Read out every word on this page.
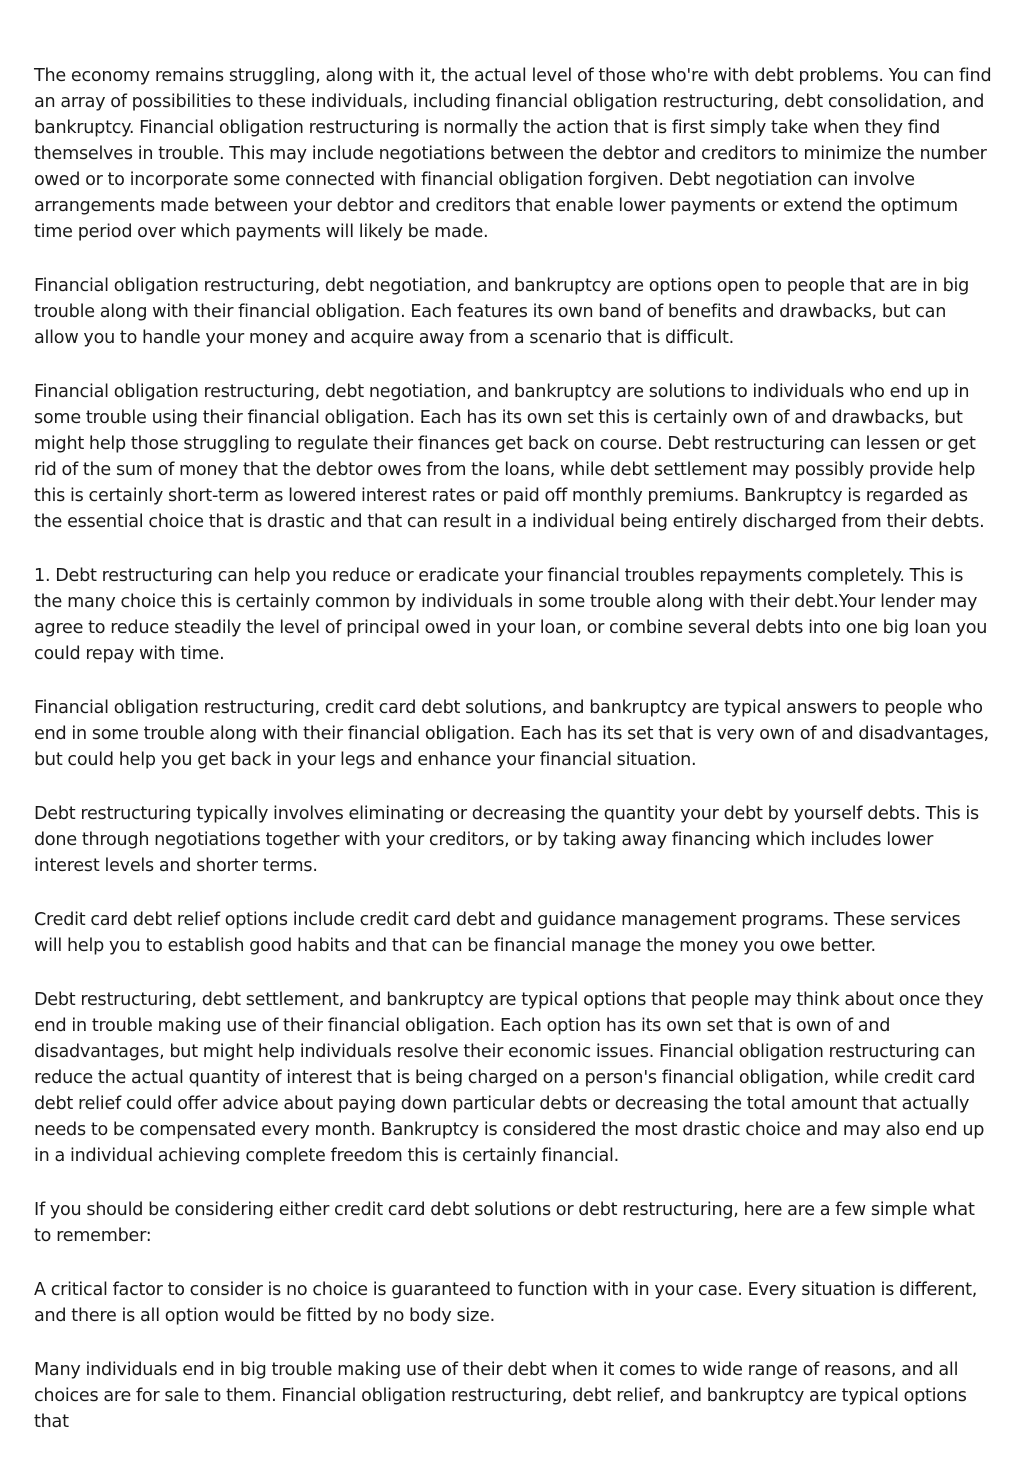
The economy remains struggling, along with it, the actual level of those who're with debt problems. You can find an array of possibilities to these individuals, including financial obligation restructuring, debt consolidation, and bankruptcy. Financial obligation restructuring is normally the action that is first simply take when they find themselves in trouble. This may include negotiations between the debtor and creditors to minimize the number owed or to incorporate some connected with financial obligation forgiven. Debt negotiation can involve arrangements made between your debtor and creditors that enable lower payments or extend the optimum time period over which payments will likely be made.

Financial obligation restructuring, debt negotiation, and bankruptcy are options open to people that are in big trouble along with their financial obligation. Each features its own band of benefits and drawbacks, but can allow you to handle your money and acquire away from a scenario that is difficult.

Financial obligation restructuring, debt negotiation, and bankruptcy are solutions to individuals who end up in some trouble using their financial obligation. Each has its own set this is certainly own of and drawbacks, but might help those struggling to regulate their finances get back on course. Debt restructuring can lessen or get rid of the sum of money that the debtor owes from the loans, while debt settlement may possibly provide help this is certainly short-term as lowered interest rates or paid off monthly premiums. Bankruptcy is regarded as the essential choice that is drastic and that can result in a individual being entirely discharged from their debts.

1. Debt restructuring can help you reduce or eradicate your financial troubles repayments completely. This is the many choice this is certainly common by individuals in some trouble along with their debt.Your lender may agree to reduce steadily the level of principal owed in your loan, or combine several debts into one big loan you could repay with time.

Financial obligation restructuring, credit card debt solutions, and bankruptcy are typical answers to people who end in some trouble along with their financial obligation. Each has its set that is very own of and disadvantages, but could help you get back in your legs and enhance your financial situation.

Debt restructuring typically involves eliminating or decreasing the quantity your debt by yourself debts. This is done through negotiations together with your creditors, or by taking away financing which includes lower interest levels and shorter terms.

Credit card debt relief options include credit card debt and guidance management programs. These services will help you to establish good habits and that can be financial manage the money you owe better.

Debt restructuring, debt settlement, and bankruptcy are typical options that people may think about once they end in trouble making use of their financial obligation. Each option has its own set that is own of and disadvantages, but might help individuals resolve their economic issues. Financial obligation restructuring can reduce the actual quantity of interest that is being charged on a person's financial obligation, while credit card debt relief could offer advice about paying down particular debts or decreasing the total amount that actually needs to be compensated every month. Bankruptcy is considered the most drastic choice and may also end up in a individual achieving complete freedom this is certainly financial.

If you should be considering either credit card debt solutions or debt restructuring, here are a few simple what to remember:

A critical factor to consider is no choice is guaranteed to function with in your case. Every situation is different, and there is all option would be fitted by no body size.

Many individuals end in big trouble making use of their debt when it comes to wide range of reasons, and all choices are for sale to them. Financial obligation restructuring, debt relief, and bankruptcy are typical options that
